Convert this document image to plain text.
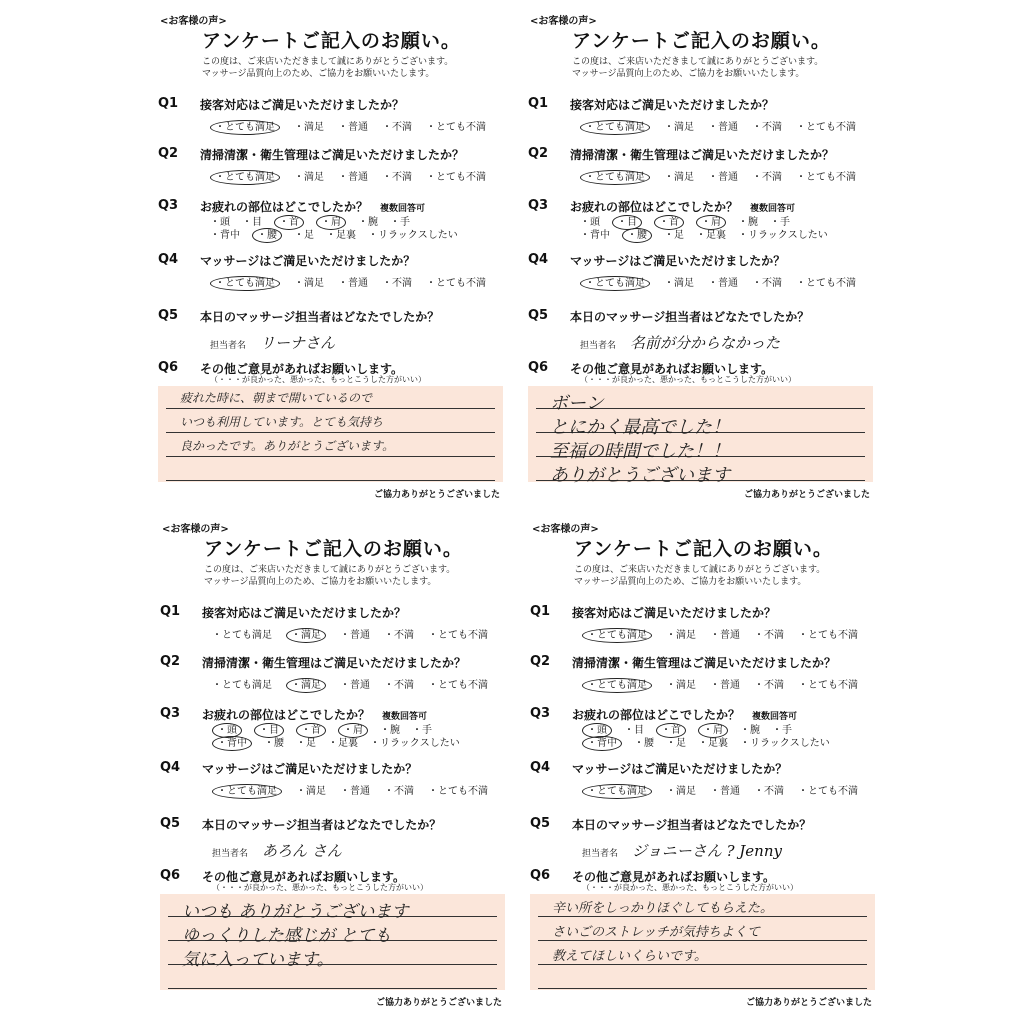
<お客様の声>
アンケートご記入のお願い。
この度は、ご来店いただきまして誠にありがとうございます。
マッサージ品質向上のため、ご協力をお願いいたします。
Q1 接客対応はご満足いただけましたか？
・とても満足 ・満足 ・普通 ・不満 ・とても不満
Q2 清掃清潔・衛生管理はご満足いただけましたか？
・とても満足 ・満足 ・普通 ・不満 ・とても不満
Q3 お疲れの部位はどこでしたか？ 複数回答可
・頭 ・目 ・首 ・肩 ・腕 ・手
・背中 ・腰 ・足 ・足裏 ・リラックスしたい
Q4 マッサージはご満足いただけましたか？
・とても満足 ・満足 ・普通 ・不満 ・とても不満
Q5 本日のマッサージ担当者はどなたでしたか？
担当者名 リーナさん
Q6 その他ご意見があればお願いします。
（・・・が良かった、悪かった、もっとこうした方がいい）
疲れた時に、朝まで開いているので
いつも利用しています。とても気持ち
良かったです。ありがとうございます。
ご協力ありがとうございました
<お客様の声>
アンケートご記入のお願い。
この度は、ご来店いただきまして誠にありがとうございます。
マッサージ品質向上のため、ご協力をお願いいたします。
Q1 接客対応はご満足いただけましたか？
・とても満足 ・満足 ・普通 ・不満 ・とても不満
Q2 清掃清潔・衛生管理はご満足いただけましたか？
・とても満足 ・満足 ・普通 ・不満 ・とても不満
Q3 お疲れの部位はどこでしたか？ 複数回答可
・頭 ・目 ・首 ・肩 ・腕 ・手
・背中 ・腰 ・足 ・足裏 ・リラックスしたい
Q4 マッサージはご満足いただけましたか？
・とても満足 ・満足 ・普通 ・不満 ・とても不満
Q5 本日のマッサージ担当者はどなたでしたか？
担当者名 名前が分からなかった
Q6 その他ご意見があればお願いします。
（・・・が良かった、悪かった、もっとこうした方がいい）
ボーン
とにかく最高でした！
至福の時間でした！！
ありがとうございます
ご協力ありがとうございました
<お客様の声>
アンケートご記入のお願い。
この度は、ご来店いただきまして誠にありがとうございます。
マッサージ品質向上のため、ご協力をお願いいたします。
Q1 接客対応はご満足いただけましたか？
・とても満足 ・満足 ・普通 ・不満 ・とても不満
Q2 清掃清潔・衛生管理はご満足いただけましたか？
・とても満足 ・満足 ・普通 ・不満 ・とても不満
Q3 お疲れの部位はどこでしたか？ 複数回答可
・頭 ・目 ・首 ・肩 ・腕 ・手
・背中 ・腰 ・足 ・足裏 ・リラックスしたい
Q4 マッサージはご満足いただけましたか？
・とても満足 ・満足 ・普通 ・不満 ・とても不満
Q5 本日のマッサージ担当者はどなたでしたか？
担当者名 あろん さん
Q6 その他ご意見があればお願いします。
（・・・が良かった、悪かった、もっとこうした方がいい）
いつも ありがとうございます
ゆっくりした感じが とても
気に入っています。
ご協力ありがとうございました
<お客様の声>
アンケートご記入のお願い。
この度は、ご来店いただきまして誠にありがとうございます。
マッサージ品質向上のため、ご協力をお願いいたします。
Q1 接客対応はご満足いただけましたか？
・とても満足 ・満足 ・普通 ・不満 ・とても不満
Q2 清掃清潔・衛生管理はご満足いただけましたか？
・とても満足 ・満足 ・普通 ・不満 ・とても不満
Q3 お疲れの部位はどこでしたか？ 複数回答可
・頭 ・目 ・首 ・肩 ・腕 ・手
・背中 ・腰 ・足 ・足裏 ・リラックスしたい
Q4 マッサージはご満足いただけましたか？
・とても満足 ・満足 ・普通 ・不満 ・とても不満
Q5 本日のマッサージ担当者はどなたでしたか？
担当者名 ジョニーさん ? Jenny
Q6 その他ご意見があればお願いします。
（・・・が良かった、悪かった、もっとこうした方がいい）
辛い所をしっかりほぐしてもらえた。
さいごのストレッチが気持ちよくて
教えてほしいくらいです。
ご協力ありがとうございました
